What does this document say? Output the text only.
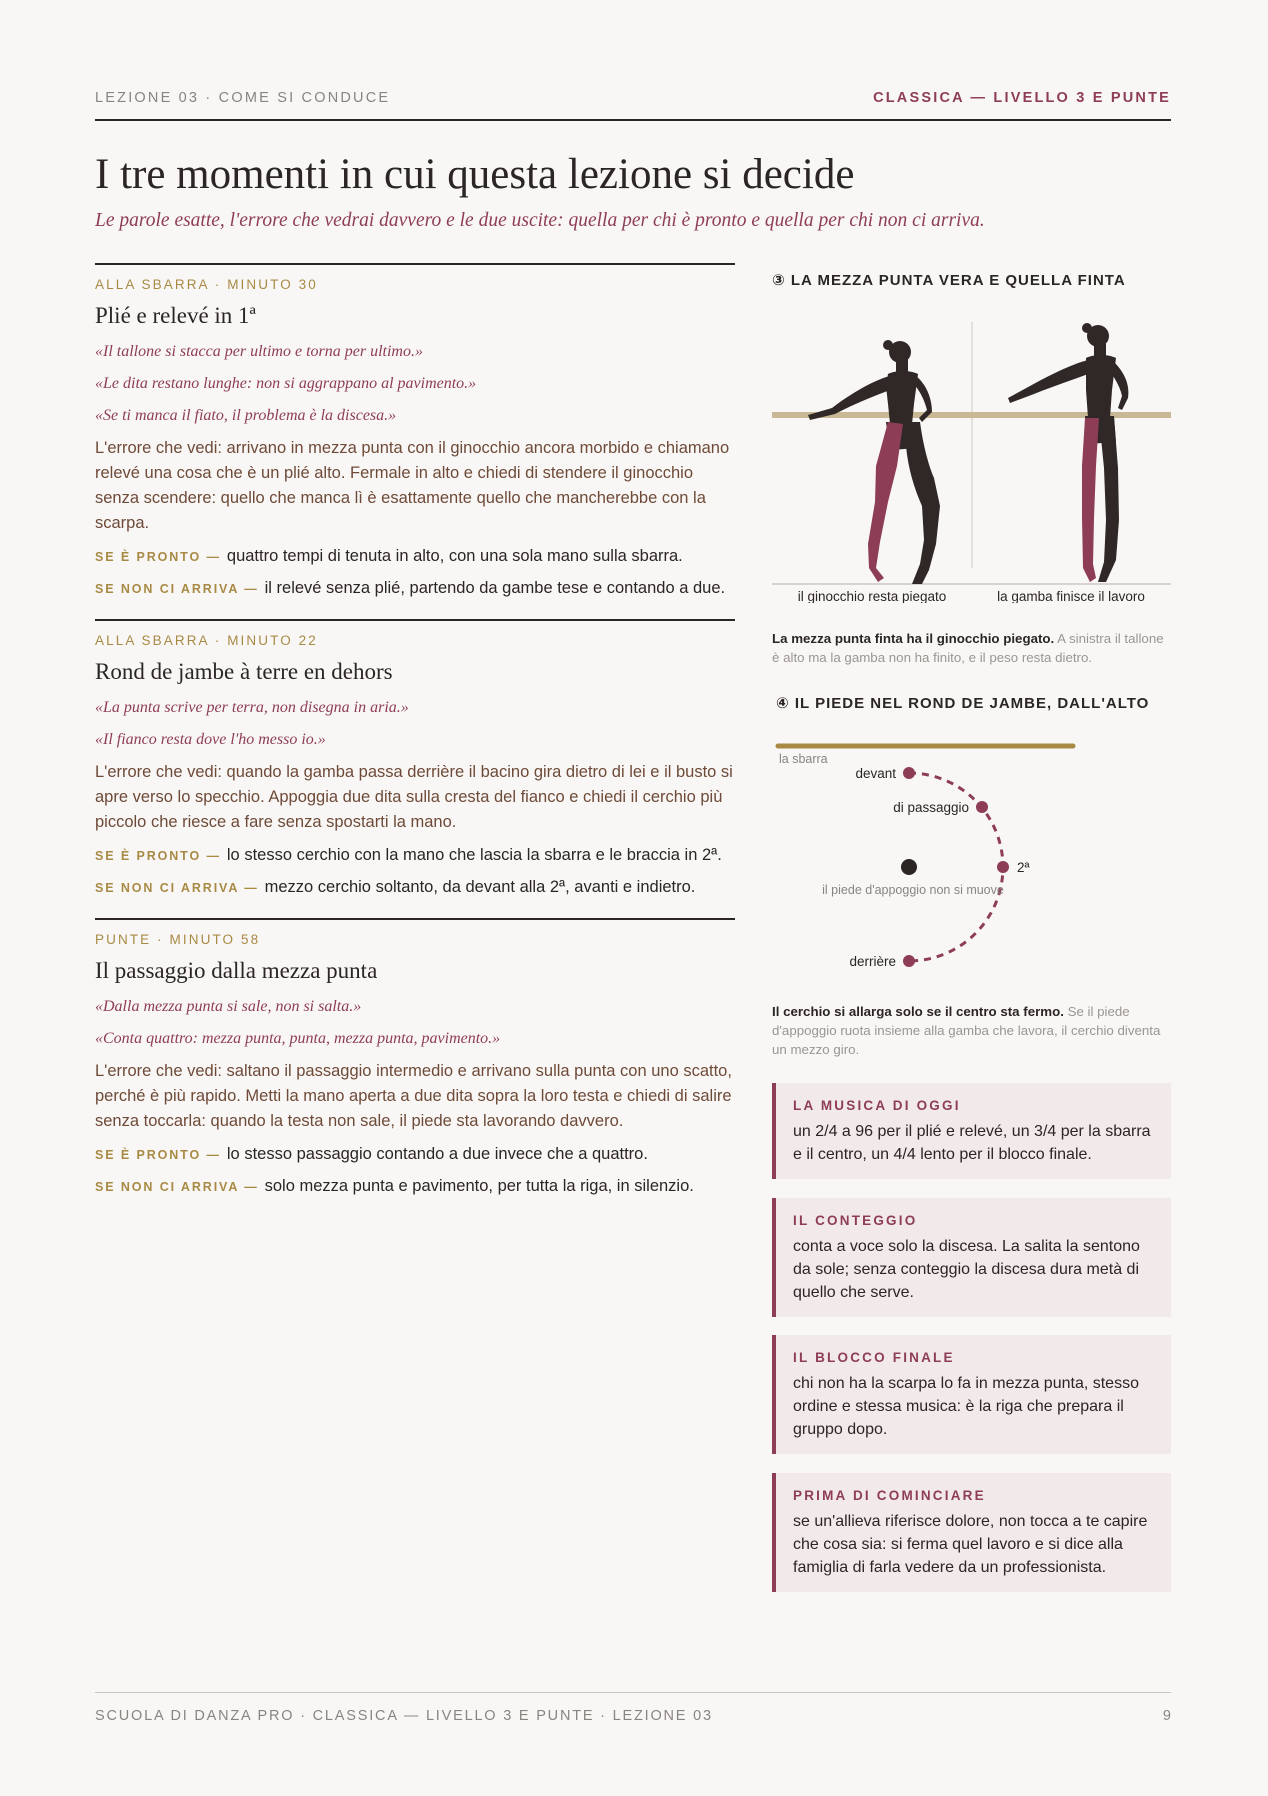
LEZIONE 03 · COME SI CONDUCE	CLASSICA — LIVELLO 3 E PUNTE
I tre momenti in cui questa lezione si decide
Le parole esatte, l'errore che vedrai davvero e le due uscite: quella per chi è pronto e quella per chi non ci arriva.
ALLA SBARRA · MINUTO 30
Plié e relevé in 1ª
«Il tallone si stacca per ultimo e torna per ultimo.»
«Le dita restano lunghe: non si aggrappano al pavimento.»
«Se ti manca il fiato, il problema è la discesa.»
L'errore che vedi: arrivano in mezza punta con il ginocchio ancora morbido e chiamano relevé una cosa che è un plié alto. Fermale in alto e chiedi di stendere il ginocchio senza scendere: quello che manca lì è esattamente quello che mancherebbe con la scarpa.
SE È PRONTO — quattro tempi di tenuta in alto, con una sola mano sulla sbarra.
SE NON CI ARRIVA — il relevé senza plié, partendo da gambe tese e contando a due.
ALLA SBARRA · MINUTO 22
Rond de jambe à terre en dehors
«La punta scrive per terra, non disegna in aria.»
«Il fianco resta dove l'ho messo io.»
L'errore che vedi: quando la gamba passa derrière il bacino gira dietro di lei e il busto si apre verso lo specchio. Appoggia due dita sulla cresta del fianco e chiedi il cerchio più piccolo che riesce a fare senza spostarti la mano.
SE È PRONTO — lo stesso cerchio con la mano che lascia la sbarra e le braccia in 2ª.
SE NON CI ARRIVA — mezzo cerchio soltanto, da devant alla 2ª, avanti e indietro.
PUNTE · MINUTO 58
Il passaggio dalla mezza punta
«Dalla mezza punta si sale, non si salta.»
«Conta quattro: mezza punta, punta, mezza punta, pavimento.»
L'errore che vedi: saltano il passaggio intermedio e arrivano sulla punta con uno scatto, perché è più rapido. Metti la mano aperta a due dita sopra la loro testa e chiedi di salire senza toccarla: quando la testa non sale, il piede sta lavorando davvero.
SE È PRONTO — lo stesso passaggio contando a due invece che a quattro.
SE NON CI ARRIVA — solo mezza punta e pavimento, per tutta la riga, in silenzio.
③ LA MEZZA PUNTA VERA E QUELLA FINTA
il ginocchio resta piegato	la gamba finisce il lavoro
La mezza punta finta ha il ginocchio piegato. A sinistra il tallone è alto ma la gamba non ha finito, e il peso resta dietro.
④ IL PIEDE NEL ROND DE JAMBE, DALL'ALTO
la sbarra
devant
di passaggio
2ª
il piede d'appoggio non si muove
derrière
Il cerchio si allarga solo se il centro sta fermo. Se il piede d'appoggio ruota insieme alla gamba che lavora, il cerchio diventa un mezzo giro.
LA MUSICA DI OGGI
un 2/4 a 96 per il plié e relevé, un 3/4 per la sbarra e il centro, un 4/4 lento per il blocco finale.
IL CONTEGGIO
conta a voce solo la discesa. La salita la sentono da sole; senza conteggio la discesa dura metà di quello che serve.
IL BLOCCO FINALE
chi non ha la scarpa lo fa in mezza punta, stesso ordine e stessa musica: è la riga che prepara il gruppo dopo.
PRIMA DI COMINCIARE
se un'allieva riferisce dolore, non tocca a te capire che cosa sia: si ferma quel lavoro e si dice alla famiglia di farla vedere da un professionista.
SCUOLA DI DANZA PRO · CLASSICA — LIVELLO 3 E PUNTE · LEZIONE 03	9
